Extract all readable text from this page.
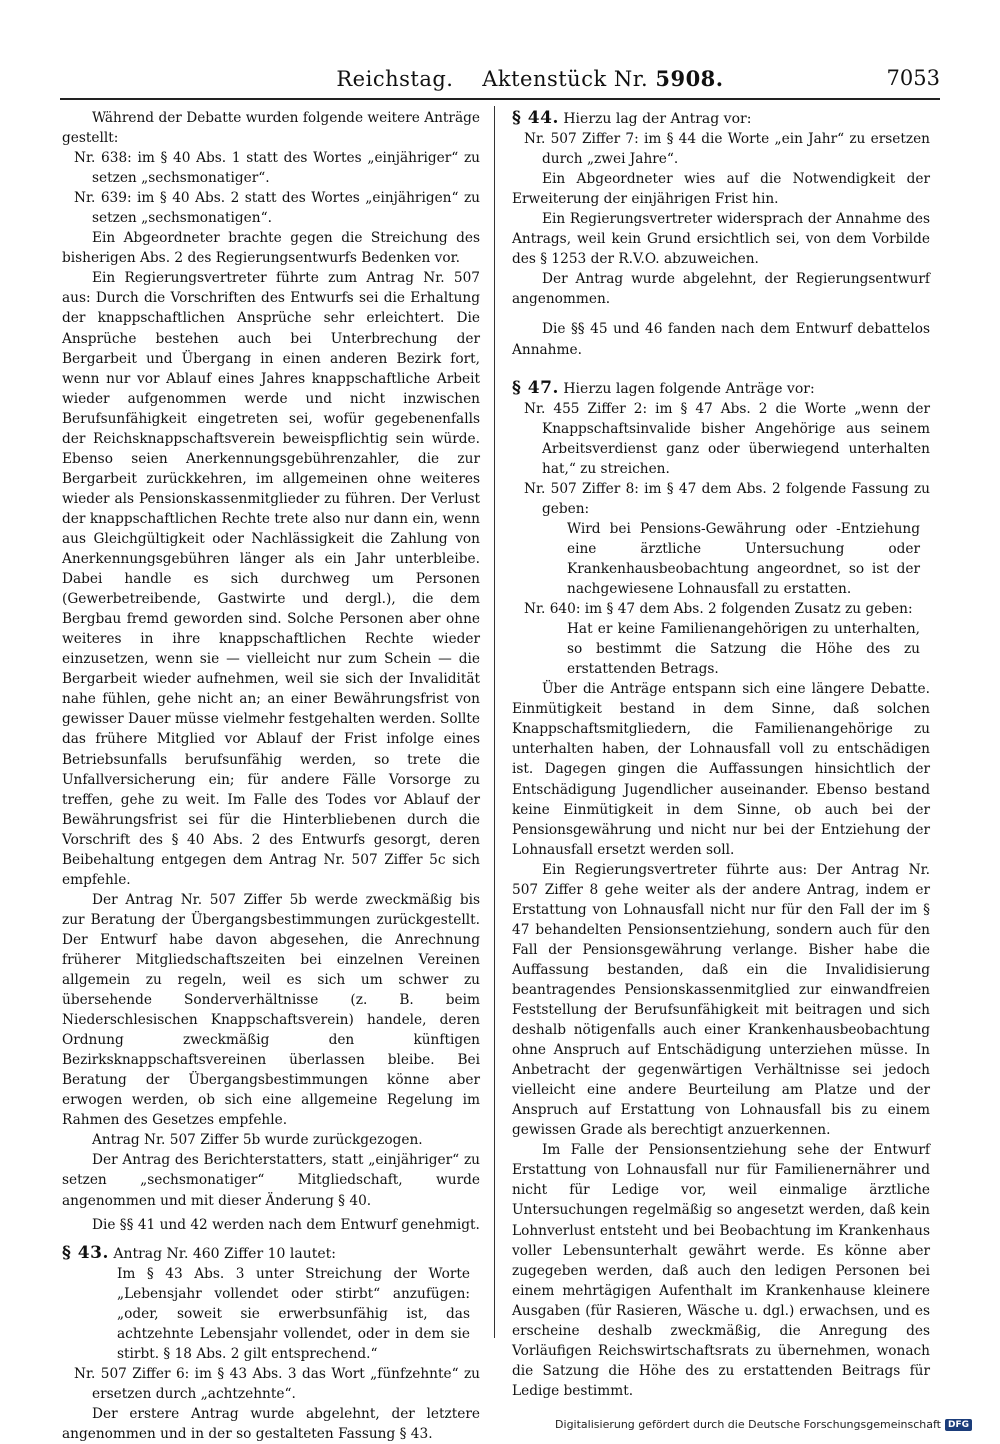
Reichstag. Aktenstück Nr. 5908.	7053

Während der Debatte wurden folgende weitere Anträge gestellt:

Nr. 638: im § 40 Abs. 1 statt des Wortes „einjähriger“ zu setzen „sechsmonatiger“.

Nr. 639: im § 40 Abs. 2 statt des Wortes „einjährigen“ zu setzen „sechsmonatigen“.

Ein Abgeordneter brachte gegen die Streichung des bisherigen Abs. 2 des Regierungsentwurfs Bedenken vor.

Ein Regierungsvertreter führte zum Antrag Nr. 507 aus: Durch die Vorschriften des Entwurfs sei die Erhaltung der knappschaftlichen Ansprüche sehr erleichtert. Die Ansprüche bestehen auch bei Unterbrechung der Bergarbeit und Übergang in einen anderen Bezirk fort, wenn nur vor Ablauf eines Jahres knappschaftliche Arbeit wieder aufgenommen werde und nicht inzwischen Berufsunfähigkeit eingetreten sei, wofür gegebenenfalls der Reichsknappschaftsverein beweispflichtig sein würde. Ebenso seien Anerkennungsgebührenzahler, die zur Bergarbeit zurückkehren, im allgemeinen ohne weiteres wieder als Pensionskassenmitglieder zu führen. Der Verlust der knappschaftlichen Rechte trete also nur dann ein, wenn aus Gleichgültigkeit oder Nachlässigkeit die Zahlung von Anerkennungsgebühren länger als ein Jahr unterbleibe. Dabei handle es sich durchweg um Personen (Gewerbetreibende, Gastwirte und dergl.), die dem Bergbau fremd geworden sind. Solche Personen aber ohne weiteres in ihre knappschaftlichen Rechte wieder einzusetzen, wenn sie — vielleicht nur zum Schein — die Bergarbeit wieder aufnehmen, weil sie sich der Invalidität nahe fühlen, gehe nicht an; an einer Bewährungsfrist von gewisser Dauer müsse vielmehr festgehalten werden. Sollte das frühere Mitglied vor Ablauf der Frist infolge eines Betriebsunfalls berufsunfähig werden, so trete die Unfallversicherung ein; für andere Fälle Vorsorge zu treffen, gehe zu weit. Im Falle des Todes vor Ablauf der Bewährungsfrist sei für die Hinterbliebenen durch die Vorschrift des § 40 Abs. 2 des Entwurfs gesorgt, deren Beibehaltung entgegen dem Antrag Nr. 507 Ziffer 5c sich empfehle.

Der Antrag Nr. 507 Ziffer 5b werde zweckmäßig bis zur Beratung der Übergangsbestimmungen zurückgestellt. Der Entwurf habe davon abgesehen, die Anrechnung früherer Mitgliedschaftszeiten bei einzelnen Vereinen allgemein zu regeln, weil es sich um schwer zu übersehende Sonderverhältnisse (z. B. beim Niederschlesischen Knappschaftsverein) handele, deren Ordnung zweckmäßig den künftigen Bezirksknappschaftsvereinen überlassen bleibe. Bei Beratung der Übergangsbestimmungen könne aber erwogen werden, ob sich eine allgemeine Regelung im Rahmen des Gesetzes empfehle.

Antrag Nr. 507 Ziffer 5b wurde zurückgezogen.

Der Antrag des Berichterstatters, statt „einjähriger“ zu setzen „sechsmonatiger“ Mitgliedschaft, wurde angenommen und mit dieser Änderung § 40.

Die §§ 41 und 42 werden nach dem Entwurf genehmigt.

§ 43. Antrag Nr. 460 Ziffer 10 lautet:

Im § 43 Abs. 3 unter Streichung der Worte „Lebensjahr vollendet oder stirbt“ anzufügen: „oder, soweit sie erwerbsunfähig ist, das achtzehnte Lebensjahr vollendet, oder in dem sie stirbt. § 18 Abs. 2 gilt entsprechend.“

Nr. 507 Ziffer 6: im § 43 Abs. 3 das Wort „fünfzehnte“ zu ersetzen durch „achtzehnte“.

Der erstere Antrag wurde abgelehnt, der letztere angenommen und in der so gestalteten Fassung § 43.

§ 44. Hierzu lag der Antrag vor:

Nr. 507 Ziffer 7: im § 44 die Worte „ein Jahr“ zu ersetzen durch „zwei Jahre“.

Ein Abgeordneter wies auf die Notwendigkeit der Erweiterung der einjährigen Frist hin.

Ein Regierungsvertreter widersprach der Annahme des Antrags, weil kein Grund ersichtlich sei, von dem Vorbilde des § 1253 der R.V.O. abzuweichen.

Der Antrag wurde abgelehnt, der Regierungsentwurf angenommen.

Die §§ 45 und 46 fanden nach dem Entwurf debattelos Annahme.

§ 47. Hierzu lagen folgende Anträge vor:

Nr. 455 Ziffer 2: im § 47 Abs. 2 die Worte „wenn der Knappschaftsinvalide bisher Angehörige aus seinem Arbeitsverdienst ganz oder überwiegend unterhalten hat,“ zu streichen.

Nr. 507 Ziffer 8: im § 47 dem Abs. 2 folgende Fassung zu geben:

Wird bei Pensions-Gewährung oder -Entziehung eine ärztliche Untersuchung oder Krankenhausbeobachtung angeordnet, so ist der nachgewiesene Lohnausfall zu erstatten.

Nr. 640: im § 47 dem Abs. 2 folgenden Zusatz zu geben:

Hat er keine Familienangehörigen zu unterhalten, so bestimmt die Satzung die Höhe des zu erstattenden Betrags.

Über die Anträge entspann sich eine längere Debatte. Einmütigkeit bestand in dem Sinne, daß solchen Knappschaftsmitgliedern, die Familienangehörige zu unterhalten haben, der Lohnausfall voll zu entschädigen ist. Dagegen gingen die Auffassungen hinsichtlich der Entschädigung Jugendlicher auseinander. Ebenso bestand keine Einmütigkeit in dem Sinne, ob auch bei der Pensionsgewährung und nicht nur bei der Entziehung der Lohnausfall ersetzt werden soll.

Ein Regierungsvertreter führte aus: Der Antrag Nr. 507 Ziffer 8 gehe weiter als der andere Antrag, indem er Erstattung von Lohnausfall nicht nur für den Fall der im § 47 behandelten Pensionsentziehung, sondern auch für den Fall der Pensionsgewährung verlange. Bisher habe die Auffassung bestanden, daß ein die Invalidisierung beantragendes Pensionskassenmitglied zur einwandfreien Feststellung der Berufsunfähigkeit mit beitragen und sich deshalb nötigenfalls auch einer Krankenhausbeobachtung ohne Anspruch auf Entschädigung unterziehen müsse. In Anbetracht der gegenwärtigen Verhältnisse sei jedoch vielleicht eine andere Beurteilung am Platze und der Anspruch auf Erstattung von Lohnausfall bis zu einem gewissen Grade als berechtigt anzuerkennen.

Im Falle der Pensionsentziehung sehe der Entwurf Erstattung von Lohnausfall nur für Familienernährer und nicht für Ledige vor, weil einmalige ärztliche Untersuchungen regelmäßig so angesetzt werden, daß kein Lohnverlust entsteht und bei Beobachtung im Krankenhaus voller Lebensunterhalt gewährt werde. Es könne aber zugegeben werden, daß auch den ledigen Personen bei einem mehrtägigen Aufenthalt im Krankenhause kleinere Ausgaben (für Rasieren, Wäsche u. dgl.) erwachsen, und es erscheine deshalb zweckmäßig, die Anregung des Vorläufigen Reichswirtschaftsrats zu übernehmen, wonach die Satzung die Höhe des zu erstattenden Beitrags für Ledige bestimmt.

Digitalisierung gefördert durch die Deutsche Forschungsgemeinschaft DFG
